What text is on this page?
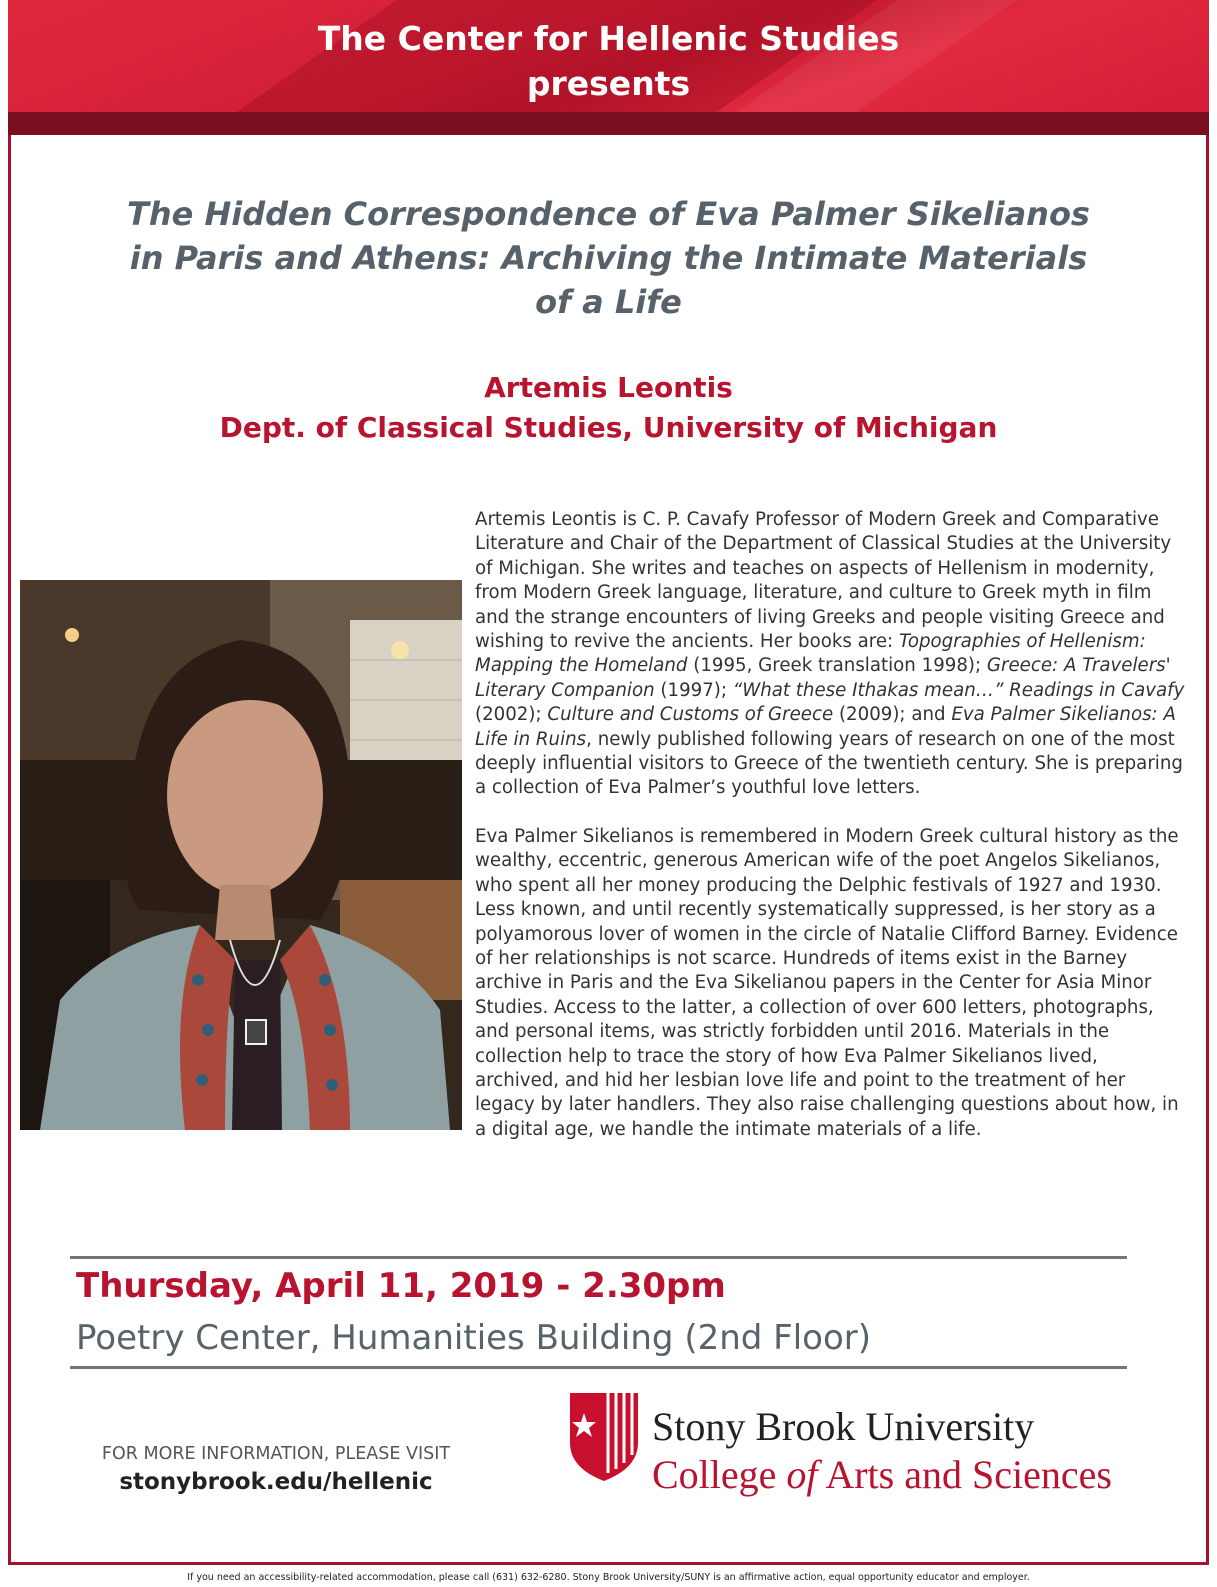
The Center for Hellenic Studies
presents
The Hidden Correspondence of Eva Palmer Sikelianos
in Paris and Athens: Archiving the Intimate Materials
of a Life
Artemis Leontis
Dept. of Classical Studies, University of Michigan

Artemis Leontis is C. P. Cavafy Professor of Modern Greek and Comparative Literature and Chair of the Department of Classical Studies at the University of Michigan. She writes and teaches on aspects of Hellenism in modernity, from Modern Greek language, literature, and culture to Greek myth in film and the strange encounters of living Greeks and people visiting Greece and wishing to revive the ancients. Her books are: Topographies of Hellenism: Mapping the Homeland (1995, Greek translation 1998); Greece: A Travelers' Literary Companion (1997); “What these Ithakas mean…” Readings in Cavafy (2002); Culture and Customs of Greece (2009); and Eva Palmer Sikelianos: A Life in Ruins, newly published following years of research on one of the most deeply influential visitors to Greece of the twentieth century. She is preparing a collection of Eva Palmer’s youthful love letters.

Eva Palmer Sikelianos is remembered in Modern Greek cultural history as the wealthy, eccentric, generous American wife of the poet Angelos Sikelianos, who spent all her money producing the Delphic festivals of 1927 and 1930. Less known, and until recently systematically suppressed, is her story as a polyamorous lover of women in the circle of Natalie Clifford Barney. Evidence of her relationships is not scarce. Hundreds of items exist in the Barney archive in Paris and the Eva Sikelianou papers in the Center for Asia Minor Studies. Access to the latter, a collection of over 600 letters, photographs, and personal items, was strictly forbidden until 2016. Materials in the collection help to trace the story of how Eva Palmer Sikelianos lived, archived, and hid her lesbian love life and point to the treatment of her legacy by later handlers. They also raise challenging questions about how, in a digital age, we handle the intimate materials of a life.

Thursday, April 11, 2019 - 2.30pm
Poetry Center, Humanities Building (2nd Floor)
FOR MORE INFORMATION, PLEASE VISIT
stonybrook.edu/hellenic
Stony Brook University
College of Arts and Sciences
If you need an accessibility-related accommodation, please call (631) 632-6280. Stony Brook University/SUNY is an affirmative action, equal opportunity educator and employer.
